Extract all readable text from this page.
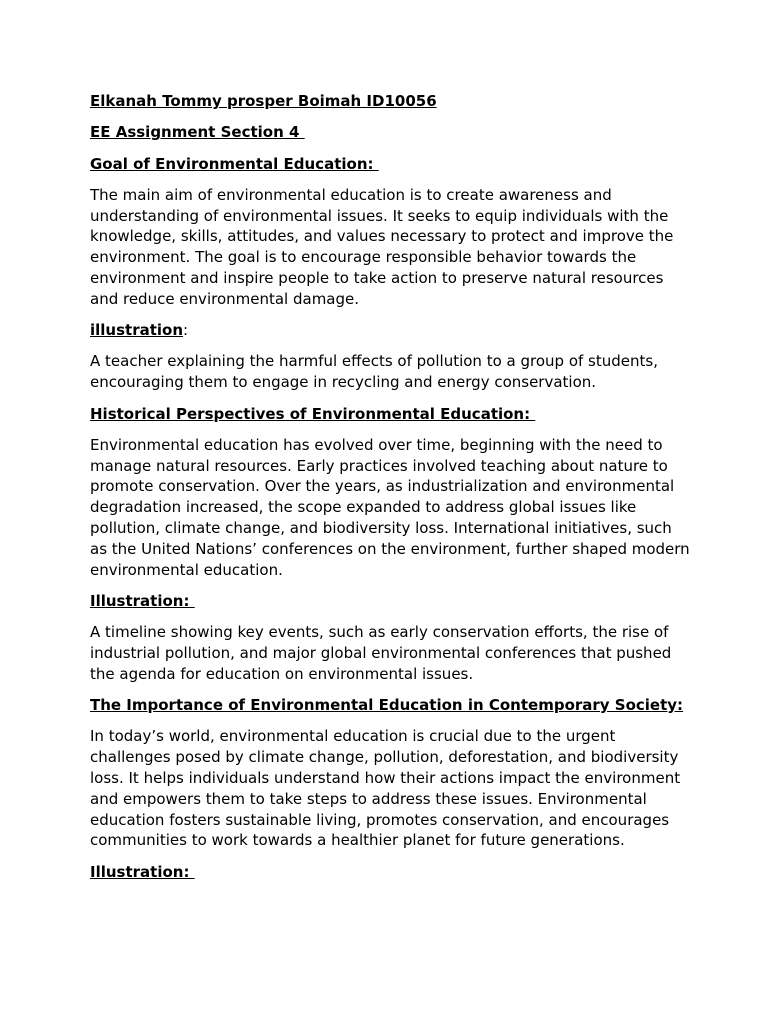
Elkanah Tommy prosper Boimah ID10056

EE Assignment Section 4

Goal of Environmental Education:

The main aim of environmental education is to create awareness and understanding of environmental issues. It seeks to equip individuals with the knowledge, skills, attitudes, and values necessary to protect and improve the environment. The goal is to encourage responsible behavior towards the environment and inspire people to take action to preserve natural resources and reduce environmental damage.

illustration:

A teacher explaining the harmful effects of pollution to a group of students, encouraging them to engage in recycling and energy conservation.

Historical Perspectives of Environmental Education:

Environmental education has evolved over time, beginning with the need to manage natural resources. Early practices involved teaching about nature to promote conservation. Over the years, as industrialization and environmental degradation increased, the scope expanded to address global issues like pollution, climate change, and biodiversity loss. International initiatives, such as the United Nations’ conferences on the environment, further shaped modern environmental education.

Illustration:

A timeline showing key events, such as early conservation efforts, the rise of industrial pollution, and major global environmental conferences that pushed the agenda for education on environmental issues.

The Importance of Environmental Education in Contemporary Society:

In today’s world, environmental education is crucial due to the urgent challenges posed by climate change, pollution, deforestation, and biodiversity loss. It helps individuals understand how their actions impact the environment and empowers them to take steps to address these issues. Environmental education fosters sustainable living, promotes conservation, and encourages communities to work towards a healthier planet for future generations.

Illustration:
